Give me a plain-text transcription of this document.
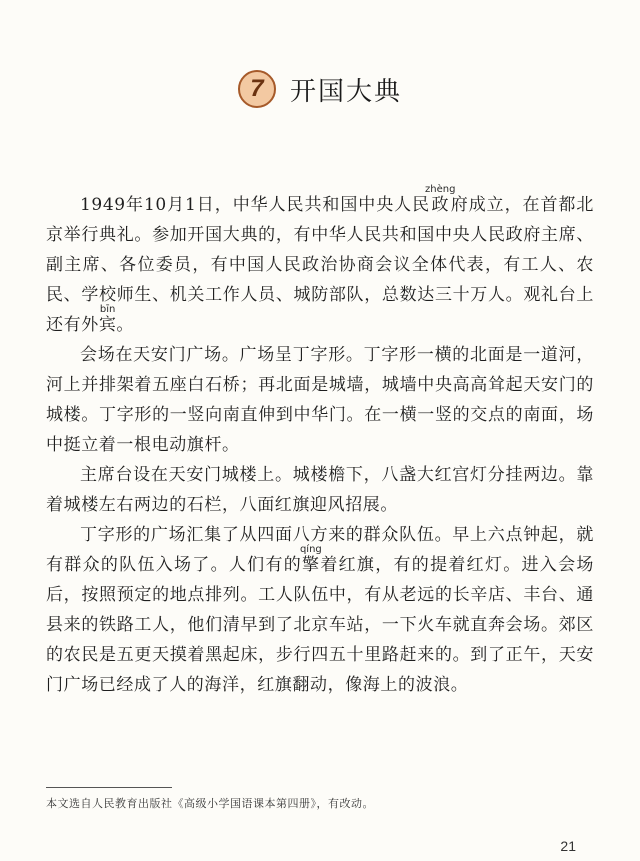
7 开国大典

1949年10月1日，中华人民共和国中央人民政zhèng府成立，在首都北京举行典礼。参加开国大典的，有中华人民共和国中央人民政府主席、副主席、各位委员，有中国人民政治协商会议全体代表，有工人、农民、学校师生、机关工作人员、城防部队，总数达三十万人。观礼台上还有外宾bīn。

会场在天安门广场。广场呈丁字形。丁字形一横的北面是一道河，河上并排架着五座白石桥；再北面是城墙，城墙中央高高耸起天安门的城楼。丁字形的一竖向南直伸到中华门。在一横一竖的交点的南面，场中挺立着一根电动旗杆。

主席台设在天安门城楼上。城楼檐下，八盏大红宫灯分挂两边。靠着城楼左右两边的石栏，八面红旗迎风招展。

丁字形的广场汇集了从四面八方来的群众队伍。早上六点钟起，就有群众的队伍入场了。人们有的擎qíng着红旗，有的提着红灯。进入会场后，按照预定的地点排列。工人队伍中，有从老远的长辛店、丰台、通县来的铁路工人，他们清早到了北京车站，一下火车就直奔会场。郊区的农民是五更天摸着黑起床，步行四五十里路赶来的。到了正午，天安门广场已经成了人的海洋，红旗翻动，像海上的波浪。

本文选自人民教育出版社《高级小学国语课本第四册》，有改动。
21
